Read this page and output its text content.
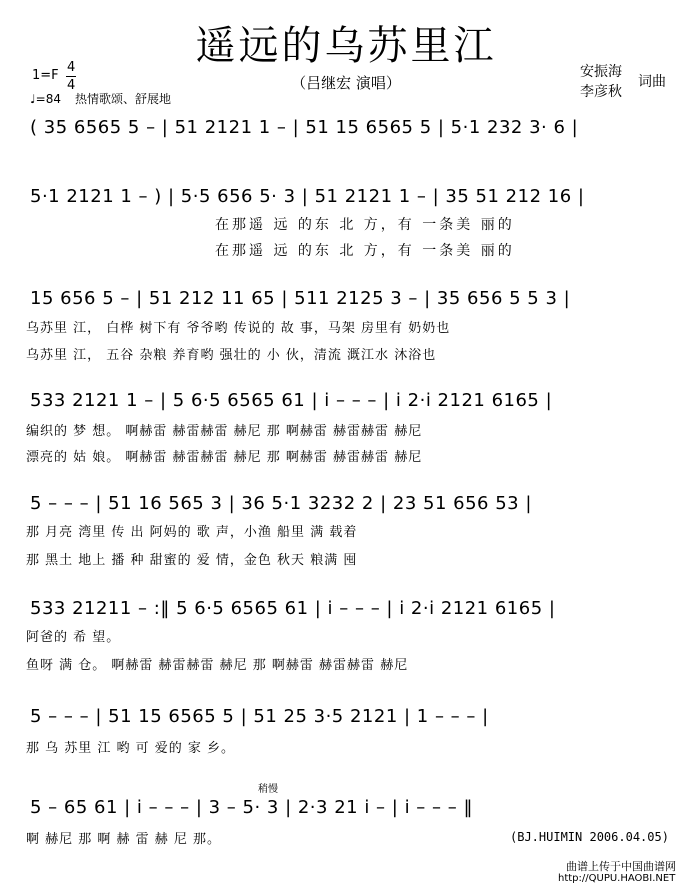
遥远的乌苏里江
（吕继宏 演唱）
安振海
李彦秋
词曲
1=F
4
4
♩=84 热情歌颂、舒展地
( 35 6565 5 – | 51 2121 1 – | 51 15 6565 5 | 5·1 232 3· 6 |
5·1 2121 1 – ) | 5·5 656 5· 3 | 51 2121 1 – | 35 51 212 16 |
在那遥 远 的东 北 方，有 一条美 丽的
在那遥 远 的东 北 方，有 一条美 丽的
15 656 5 – | 51 212 11 65 | 511 2125 3 – | 35 656 5 5 3 |
乌苏里 江， 白桦 树下有 爷爷哟 传说的 故 事，马架 房里有 奶奶也
乌苏里 江， 五谷 杂粮 养育哟 强壮的 小 伙，清流 溉江水 沐浴也
533 2121 1 – | 5 6·5 6565 61 | i – – – | i 2·i 2121 6165 |
编织的 梦 想。 啊赫雷 赫雷赫雷 赫尼 那 啊赫雷 赫雷赫雷 赫尼
漂亮的 姑 娘。 啊赫雷 赫雷赫雷 赫尼 那 啊赫雷 赫雷赫雷 赫尼
5 – – – | 51 16 565 3 | 36 5·1 3232 2 | 23 51 656 53 |
那 月亮 湾里 传 出 阿妈的 歌 声，小渔 船里 满 载着
那 黑土 地上 播 种 甜蜜的 爱 情，金色 秋天 粮满 囤
533 21211 – :‖ 5 6·5 6565 61 | i – – – | i 2·i 2121 6165 |
阿爸的 希 望。
鱼呀 满 仓。 啊赫雷 赫雷赫雷 赫尼 那 啊赫雷 赫雷赫雷 赫尼
5 – – – | 51 15 6565 5 | 51 25 3·5 2121 | 1 – – – |
那 乌 苏里 江 哟 可 爱的 家 乡。
稍慢
5 – 65 61 | i – – – | 3 – 5· 3 | 2·3 21 i – | i – – – ‖
啊 赫尼 那 啊 赫 雷 赫 尼 那。	(BJ.HUIMIN 2006.04.05)
曲谱上传于中国曲谱网
http://QUPU.HAOBI.NET
